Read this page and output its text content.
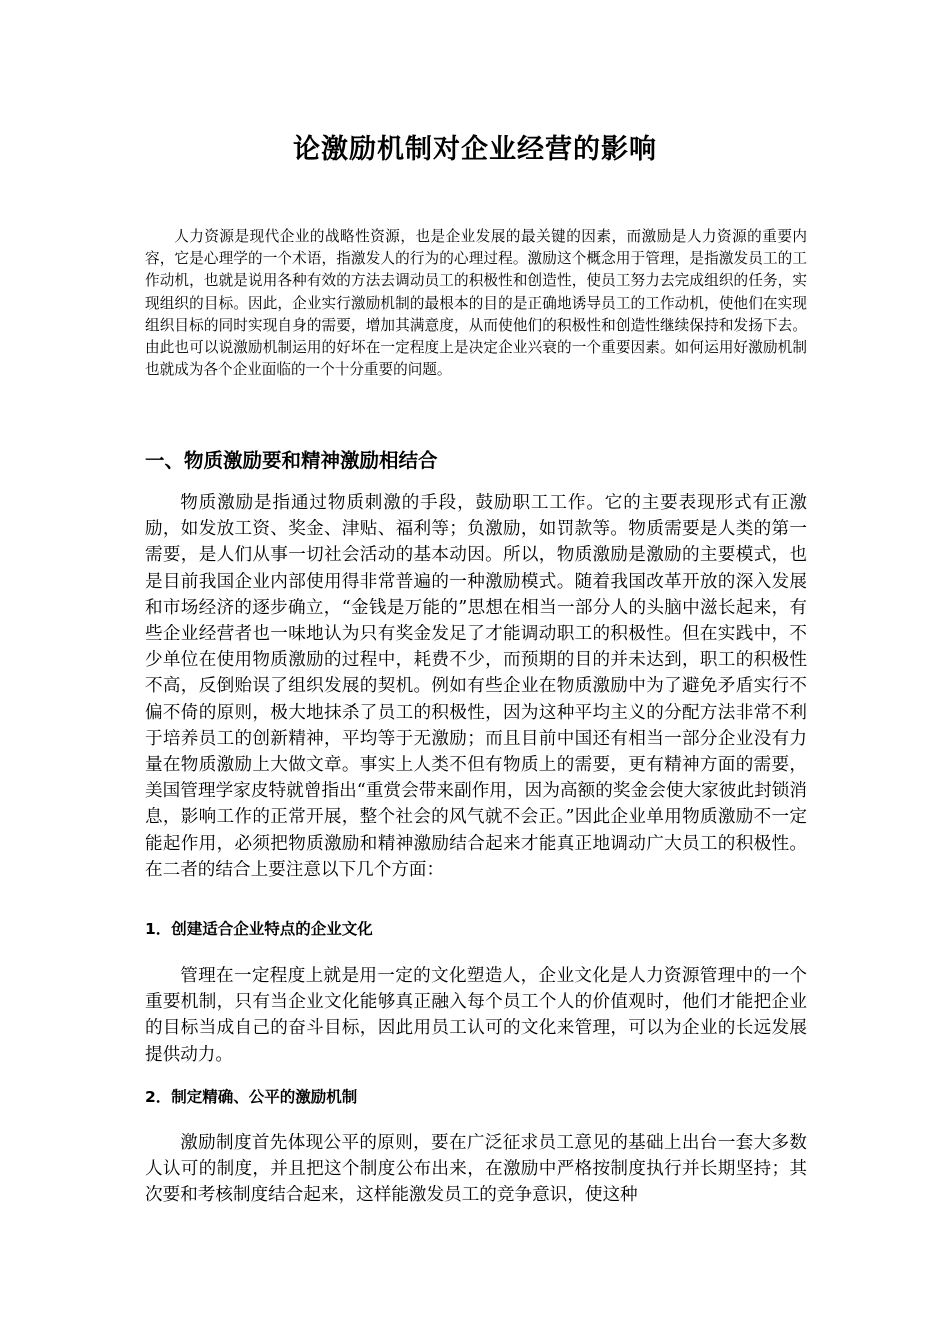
论激励机制对企业经营的影响

人力资源是现代企业的战略性资源，也是企业发展的最关键的因素，而激励是人力资源的重要内容，它是心理学的一个术语，指激发人的行为的心理过程。激励这个概念用于管理，是指激发员工的工作动机，也就是说用各种有效的方法去调动员工的积极性和创造性，使员工努力去完成组织的任务，实现组织的目标。因此，企业实行激励机制的最根本的目的是正确地诱导员工的工作动机，使他们在实现组织目标的同时实现自身的需要，增加其满意度，从而使他们的积极性和创造性继续保持和发扬下去。由此也可以说激励机制运用的好坏在一定程度上是决定企业兴衰的一个重要因素。如何运用好激励机制也就成为各个企业面临的一个十分重要的问题。

一、物质激励要和精神激励相结合

物质激励是指通过物质刺激的手段，鼓励职工工作。它的主要表现形式有正激励，如发放工资、奖金、津贴、福利等；负激励，如罚款等。物质需要是人类的第一需要，是人们从事一切社会活动的基本动因。所以，物质激励是激励的主要模式，也是目前我国企业内部使用得非常普遍的一种激励模式。随着我国改革开放的深入发展和市场经济的逐步确立，“金钱是万能的”思想在相当一部分人的头脑中滋长起来，有些企业经营者也一味地认为只有奖金发足了才能调动职工的积极性。但在实践中，不少单位在使用物质激励的过程中，耗费不少，而预期的目的并未达到，职工的积极性不高，反倒贻误了组织发展的契机。例如有些企业在物质激励中为了避免矛盾实行不偏不倚的原则，极大地抹杀了员工的积极性，因为这种平均主义的分配方法非常不利于培养员工的创新精神，平均等于无激励；而且目前中国还有相当一部分企业没有力量在物质激励上大做文章。事实上人类不但有物质上的需要，更有精神方面的需要，美国管理学家皮特就曾指出“重赏会带来副作用，因为高额的奖金会使大家彼此封锁消息，影响工作的正常开展，整个社会的风气就不会正。”因此企业单用物质激励不一定能起作用，必须把物质激励和精神激励结合起来才能真正地调动广大员工的积极性。在二者的结合上要注意以下几个方面：

1．创建适合企业特点的企业文化

管理在一定程度上就是用一定的文化塑造人，企业文化是人力资源管理中的一个重要机制，只有当企业文化能够真正融入每个员工个人的价值观时，他们才能把企业的目标当成自己的奋斗目标，因此用员工认可的文化来管理，可以为企业的长远发展提供动力。

2．制定精确、公平的激励机制

激励制度首先体现公平的原则，要在广泛征求员工意见的基础上出台一套大多数人认可的制度，并且把这个制度公布出来，在激励中严格按制度执行并长期坚持；其次要和考核制度结合起来，这样能激发员工的竞争意识，使这种
